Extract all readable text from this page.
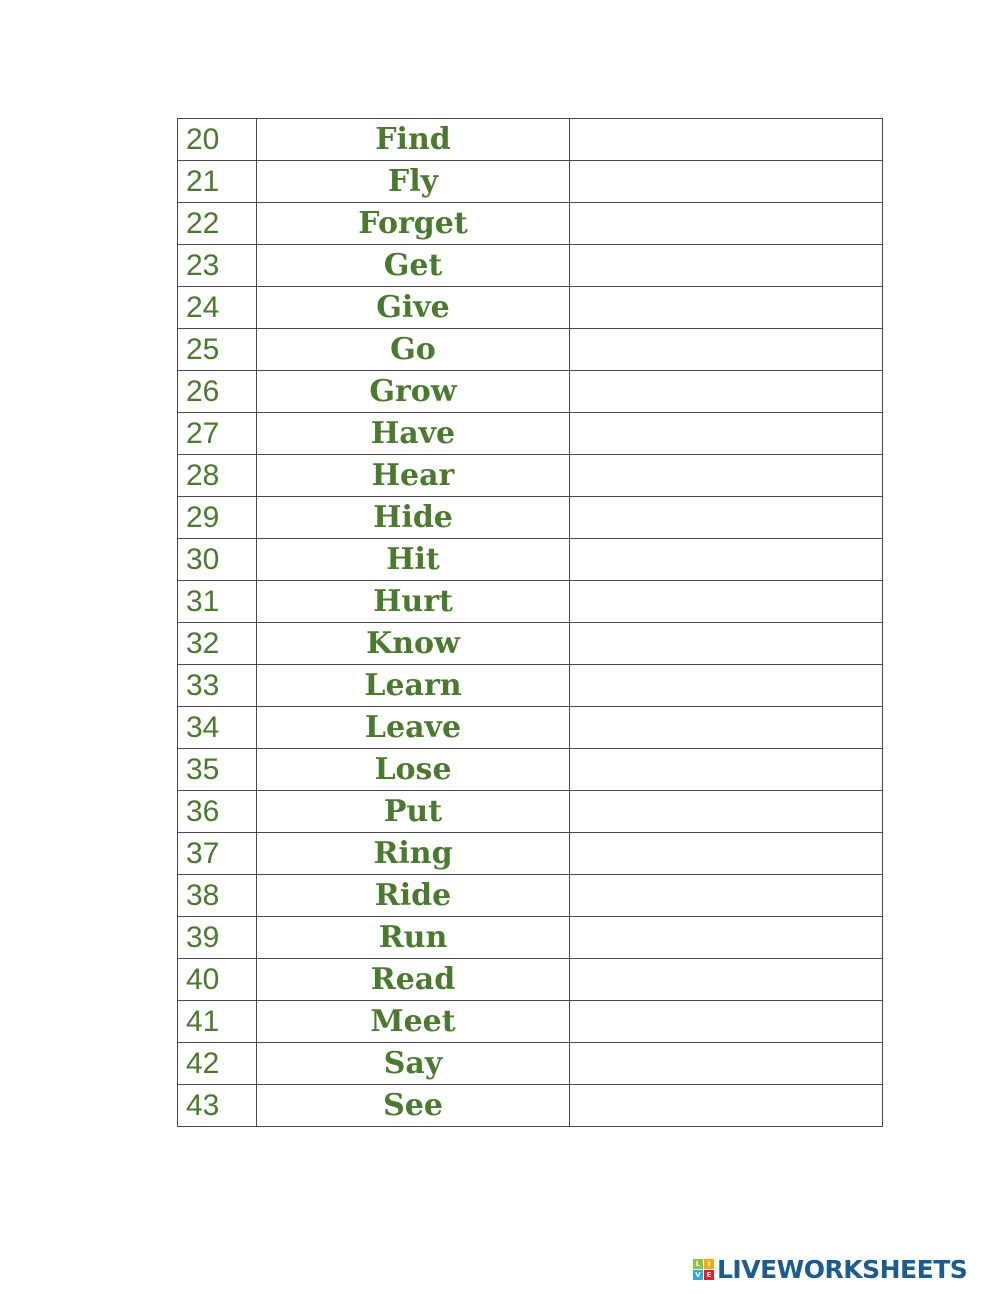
20	Find	
21	Fly	
22	Forget	
23	Get	
24	Give	
25	Go	
26	Grow	
27	Have	
28	Hear	
29	Hide	
30	Hit	
31	Hurt	
32	Know	
33	Learn	
34	Leave	
35	Lose	
36	Put	
37	Ring	
38	Ride	
39	Run	
40	Read	
41	Meet	
42	Say	
43	See	
L	I
V E LIVEWORKSHEETS
